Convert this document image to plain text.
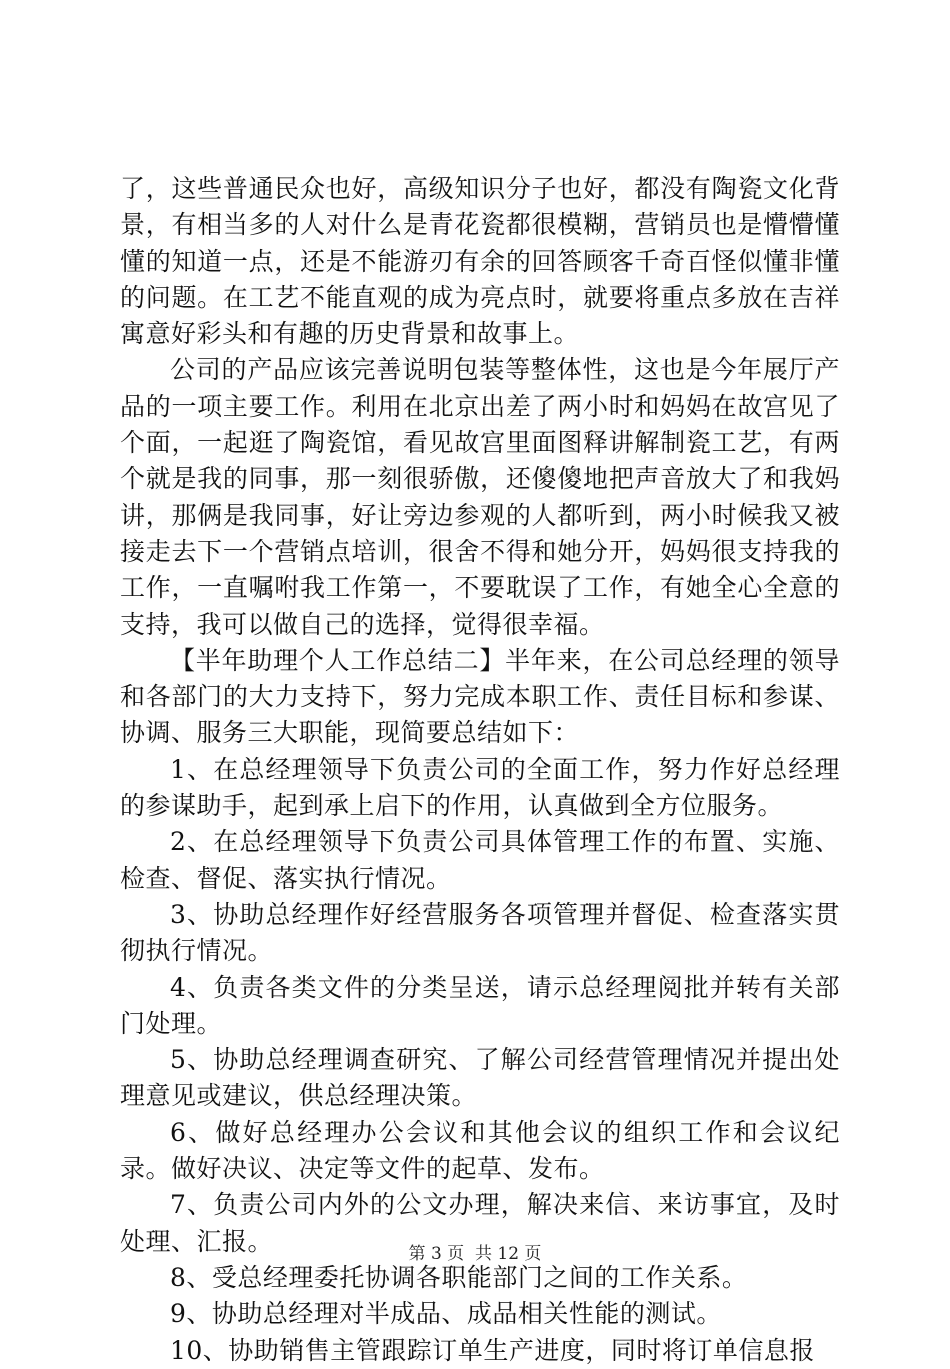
了，这些普通民众也好，高级知识分子也好，都没有陶瓷文化背景，有相当多的人对什么是青花瓷都很模糊，营销员也是懵懵懂懂的知道一点，还是不能游刃有余的回答顾客千奇百怪似懂非懂的问题。在工艺不能直观的成为亮点时，就要将重点多放在吉祥寓意好彩头和有趣的历史背景和故事上。

公司的产品应该完善说明包装等整体性，这也是今年展厅产品的一项主要工作。利用在北京出差了两小时和妈妈在故宫见了个面，一起逛了陶瓷馆，看见故宫里面图释讲解制瓷工艺，有两个就是我的同事，那一刻很骄傲，还傻傻地把声音放大了和我妈讲，那俩是我同事，好让旁边参观的人都听到，两小时候我又被接走去下一个营销点培训，很舍不得和她分开，妈妈很支持我的工作，一直嘱咐我工作第一，不要耽误了工作，有她全心全意的支持，我可以做自己的选择，觉得很幸福。

【半年助理个人工作总结二】半年来，在公司总经理的领导和各部门的大力支持下，努力完成本职工作、责任目标和参谋、协调、服务三大职能，现简要总结如下：

1、在总经理领导下负责公司的全面工作，努力作好总经理的参谋助手，起到承上启下的作用，认真做到全方位服务。

2、在总经理领导下负责公司具体管理工作的布置、实施、检查、督促、落实执行情况。

3、协助总经理作好经营服务各项管理并督促、检查落实贯彻执行情况。

4、负责各类文件的分类呈送，请示总经理阅批并转有关部门处理。

5、协助总经理调查研究、了解公司经营管理情况并提出处理意见或建议，供总经理决策。

6、做好总经理办公会议和其他会议的组织工作和会议纪录。做好决议、决定等文件的起草、发布。

7、负责公司内外的公文办理，解决来信、来访事宜，及时处理、汇报。

8、受总经理委托协调各职能部门之间的工作关系。

9、协助总经理对半成品、成品相关性能的测试。

10、协助销售主管跟踪订单生产进度，同时将订单信息报

第 3 页 共 12 页
